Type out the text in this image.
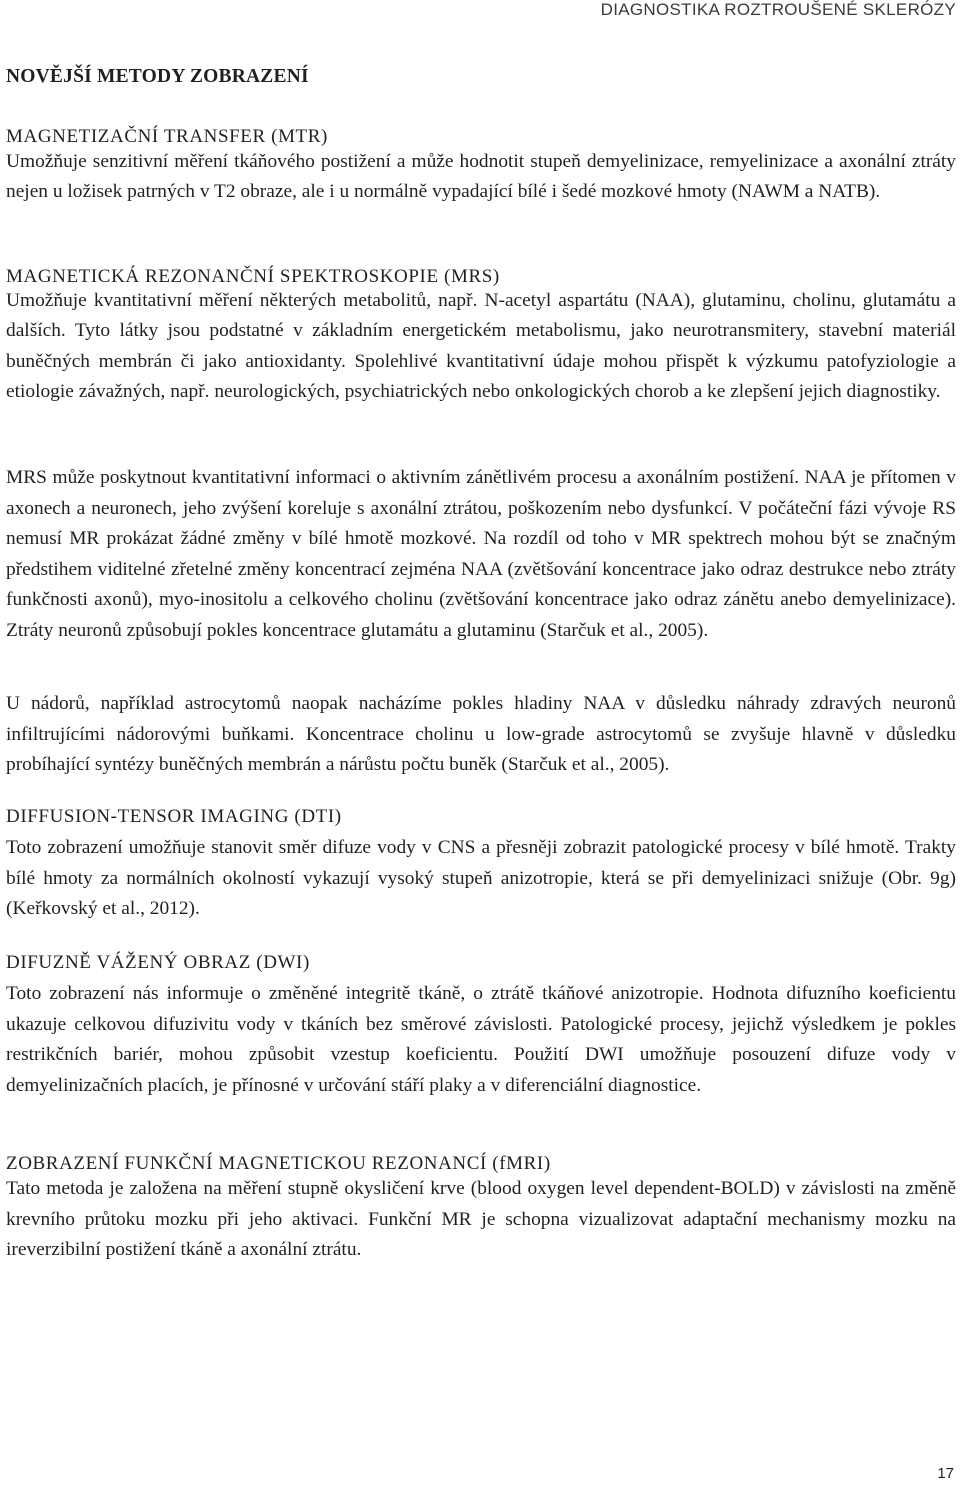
DIAGNOSTIKA ROZTROUŠENÉ SKLERÓZY
NOVĚJŠÍ METODY ZOBRAZENÍ
MAGNETIZAČNÍ TRANSFER (MTR)

Umožňuje senzitivní měření tkáňového postižení a může hodnotit stupeň demyelinizace, remyelinizace a axonální ztráty nejen u ložisek patrných v T2 obraze, ale i u normálně vypadající bílé i šedé mozkové hmoty (NAWM a NATB).

MAGNETICKÁ REZONANČNÍ SPEKTROSKOPIE (MRS)

Umožňuje kvantitativní měření některých metabolitů, např. N-acetyl aspartátu (NAA), glutaminu, cholinu, glutamátu a dalších. Tyto látky jsou podstatné v základním energetickém metabolismu, jako neurotransmitery, stavební materiál buněčných membrán či jako antioxidanty. Spolehlivé kvantitativní údaje mohou přispět k výzkumu patofyziologie a etiologie závažných, např. neurologických, psychiatrických nebo onkologických chorob a ke zlepšení jejich diagnostiky.

MRS může poskytnout kvantitativní informaci o aktivním zánětlivém procesu a axonálním postižení. NAA je přítomen v axonech a neuronech, jeho zvýšení koreluje s axonální ztrátou, poškozením nebo dysfunkcí. V počáteční fázi vývoje RS nemusí MR prokázat žádné změny v bílé hmotě mozkové. Na rozdíl od toho v MR spektrech mohou být se značným předstihem viditelné zřetelné změny koncentrací zejména NAA (zvětšování koncentrace jako odraz destrukce nebo ztráty funkčnosti axonů), myo-inositolu a celkového cholinu (zvětšování koncentrace jako odraz zánětu anebo demyelinizace). Ztráty neuronů způsobují pokles koncentrace glutamátu a glutaminu (Starčuk et al., 2005).

U nádorů, například astrocytomů naopak nacházíme pokles hladiny NAA v důsledku náhrady zdravých neuronů infiltrujícími nádorovými buňkami. Koncentrace cholinu u low-grade astrocytomů se zvyšuje hlavně v důsledku probíhající syntézy buněčných membrán a nárůstu počtu buněk (Starčuk et al., 2005).

DIFFUSION-TENSOR IMAGING (DTI)

Toto zobrazení umožňuje stanovit směr difuze vody v CNS a přesněji zobrazit patologické procesy v bílé hmotě. Trakty bílé hmoty za normálních okolností vykazují vysoký stupeň anizotropie, která se při demyelinizaci snižuje (Obr. 9g) (Keřkovský et al., 2012).

DIFUZNĚ VÁŽENÝ OBRAZ (DWI)

Toto zobrazení nás informuje o změněné integritě tkáně, o ztrátě tkáňové anizotropie. Hodnota difuzního koeficientu ukazuje celkovou difuzivitu vody v tkáních bez směrové závislosti. Patologické procesy, jejichž výsledkem je pokles restrikčních bariér, mohou způsobit vzestup koeficientu. Použití DWI umožňuje posouzení difuze vody v demyelinizačních placích, je přínosné v určování stáří plaky a v diferenciální diagnostice.

ZOBRAZENÍ FUNKČNÍ MAGNETICKOU REZONANCÍ (fMRI)

Tato metoda je založena na měření stupně okysličení krve (blood oxygen level dependent-BOLD) v závislosti na změně krevního průtoku mozku při jeho aktivaci. Funkční MR je schopna vizualizovat adaptační mechanismy mozku na ireverzibilní postižení tkáně a axonální ztrátu.

17
